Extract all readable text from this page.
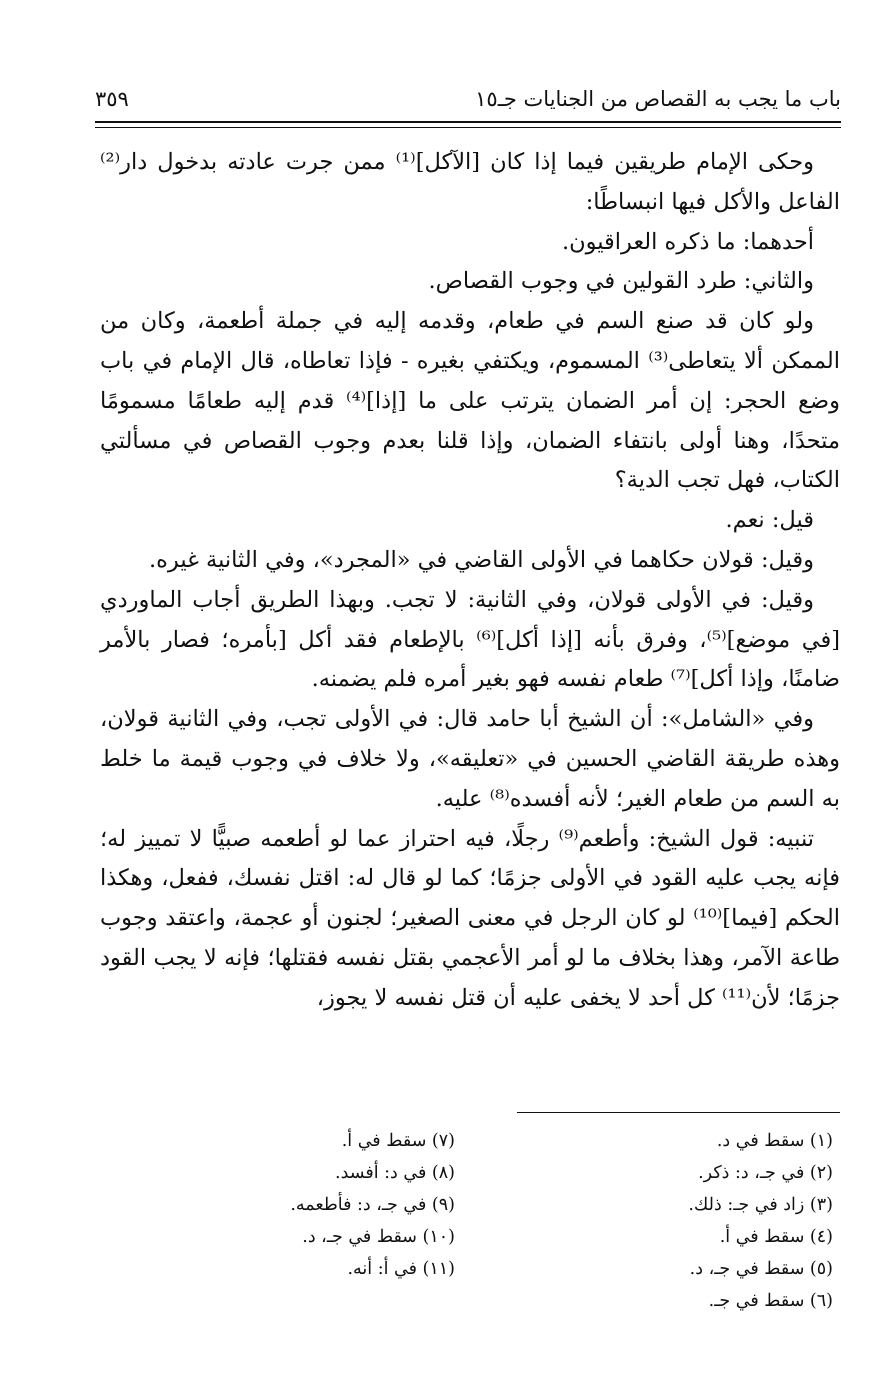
باب ما يجب به القصاص من الجنايات جـ١٥
٣٥٩

وحكى الإمام طريقين فيما إذا كان [الآكل]⁽¹⁾ ممن جرت عادته بدخول دار⁽²⁾ الفاعل والأكل فيها انبساطًا:

أحدهما: ما ذكره العراقيون.

والثاني: طرد القولين في وجوب القصاص.

ولو كان قد صنع السم في طعام، وقدمه إليه في جملة أطعمة، وكان من الممكن ألا يتعاطى⁽³⁾ المسموم، ويكتفي بغيره - فإذا تعاطاه، قال الإمام في باب وضع الحجر: إن أمر الضمان يترتب على ما [إذا]⁽⁴⁾ قدم إليه طعامًا مسمومًا متحدًا، وهنا أولى بانتفاء الضمان، وإذا قلنا بعدم وجوب القصاص في مسألتي الكتاب، فهل تجب الدية؟

قيل: نعم.

وقيل: قولان حكاهما في الأولى القاضي في «المجرد»، وفي الثانية غيره.

وقيل: في الأولى قولان، وفي الثانية: لا تجب. وبهذا الطريق أجاب الماوردي [في موضع]⁽⁵⁾، وفرق بأنه [إذا أكل]⁽⁶⁾ بالإطعام فقد أكل [بأمره؛ فصار بالأمر ضامنًا، وإذا أكل]⁽⁷⁾ طعام نفسه فهو بغير أمره فلم يضمنه.

وفي «الشامل»: أن الشيخ أبا حامد قال: في الأولى تجب، وفي الثانية قولان، وهذه طريقة القاضي الحسين في «تعليقه»، ولا خلاف في وجوب قيمة ما خلط به السم من طعام الغير؛ لأنه أفسده⁽⁸⁾ عليه.

تنبيه: قول الشيخ: وأطعم⁽⁹⁾ رجلًا، فيه احتراز عما لو أطعمه صبيًّا لا تمييز له؛ فإنه يجب عليه القود في الأولى جزمًا؛ كما لو قال له: اقتل نفسك، ففعل، وهكذا الحكم [فيما]⁽¹⁰⁾ لو كان الرجل في معنى الصغير؛ لجنون أو عجمة، واعتقد وجوب طاعة الآمر، وهذا بخلاف ما لو أمر الأعجمي بقتل نفسه فقتلها؛ فإنه لا يجب القود جزمًا؛ لأن⁽¹¹⁾ كل أحد لا يخفى عليه أن قتل نفسه لا يجوز،

(١) سقط في د.
(٢) في جـ، د: ذكر.
(٣) زاد في جـ: ذلك.
(٤) سقط في أ.
(٥) سقط في جـ، د.
(٦) سقط في جـ.
(٧) سقط في أ.
(٨) في د: أفسد.
(٩) في جـ، د: فأطعمه.
(١٠) سقط في جـ، د.
(١١) في أ: أنه.
